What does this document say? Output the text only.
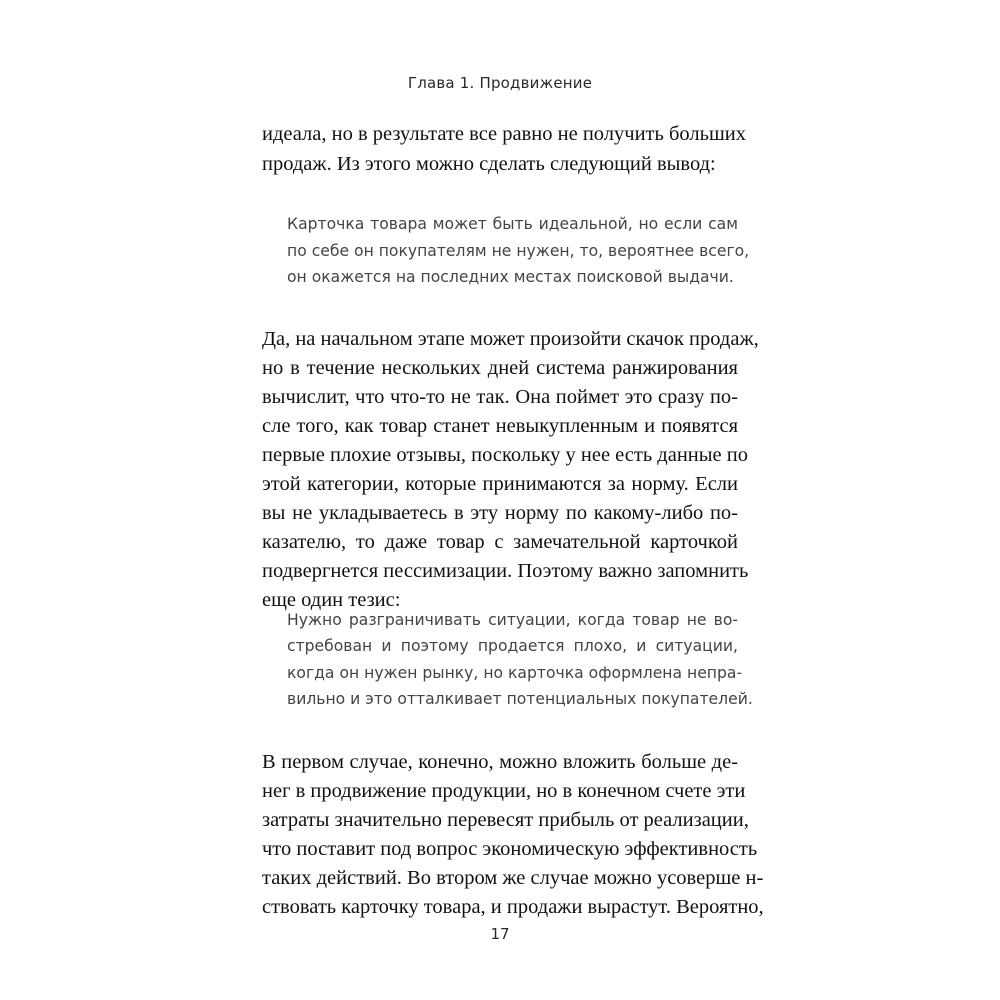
Глава 1. Продвижение
идеала, но в результате все равно не получить больших
продаж. Из этого можно сделать следующий вывод:
Карточка товара может быть идеальной, но если сам
по себе он покупателям не нужен, то, вероятнее всего,
он окажется на последних местах поисковой выдачи.
Да, на начальном этапе может произойти скачок продаж,
но в течение нескольких дней система ранжирования
вычислит, что что-то не так. Она поймет это сразу по-
сле того, как товар станет невыкупленным и появятся
первые плохие отзывы, поскольку у нее есть данные по
этой категории, которые принимаются за норму. Если
вы не укладываетесь в эту норму по какому-либо по-
казателю, то даже товар с замечательной карточкой
подвергнется пессимизации. Поэтому важно запомнить
еще один тезис:
Нужно разграничивать ситуации, когда товар не во-
стребован и поэтому продается плохо, и ситуации,
когда он нужен рынку, но карточка оформлена непра-
вильно и это отталкивает потенциальных покупателей.
В первом случае, конечно, можно вложить больше де-
нег в продвижение продукции, но в конечном счете эти
затраты значительно перевесят прибыль от реализации,
что поставит под вопрос экономическую эффективность
таких действий. Во втором же случае можно усоверше н-
ствовать карточку товара, и продажи вырастут. Вероятно,
17
